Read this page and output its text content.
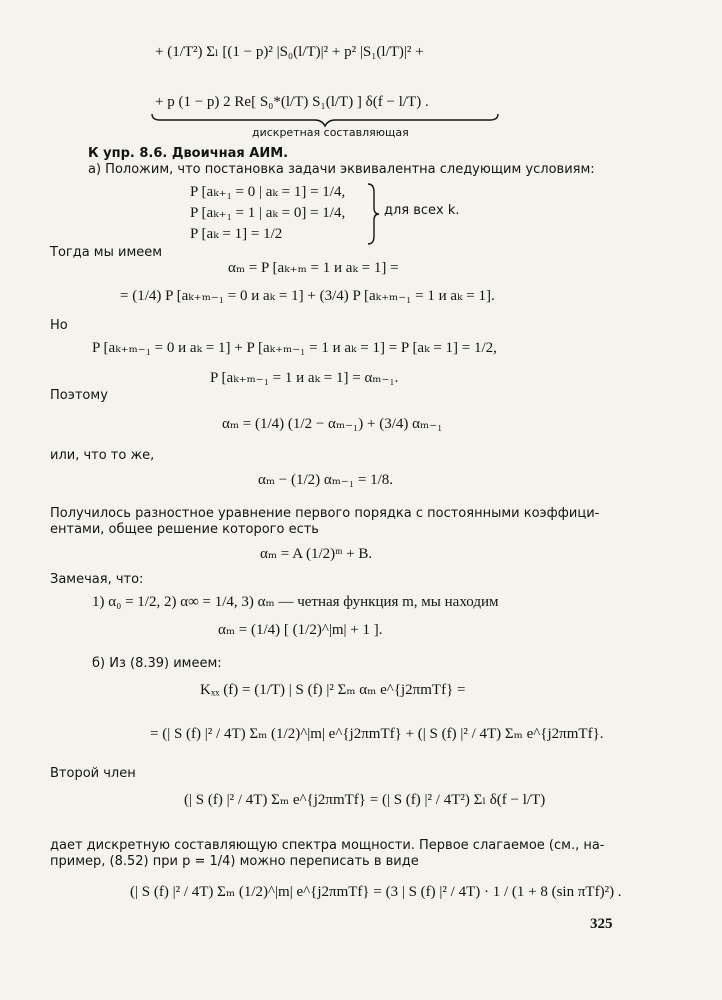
+ (1/T²) Σₗ [(1 − p)² |S₀(l/T)|² + p² |S₁(l/T)|² +
+ p (1 − p) 2 Re[ S₀*(l/T) S₁(l/T) ] δ(f − l/T) .
дискретная составляющая
К упр. 8.6. Двоичная АИМ.
а) Положим, что постановка задачи эквивалентна следующим условиям:
P [aₖ₊₁ = 0 | aₖ = 1] = 1/4,
P [aₖ₊₁ = 1 | aₖ = 0] = 1/4,
P [aₖ = 1] = 1/2
для всех k.
Тогда мы имеем
αₘ = P [aₖ₊ₘ = 1 и aₖ = 1] =
= (1/4) P [aₖ₊ₘ₋₁ = 0 и aₖ = 1] + (3/4) P [aₖ₊ₘ₋₁ = 1 и aₖ = 1].
Но
P [aₖ₊ₘ₋₁ = 0 и aₖ = 1] + P [aₖ₊ₘ₋₁ = 1 и aₖ = 1] = P [aₖ = 1] = 1/2,
P [aₖ₊ₘ₋₁ = 1 и aₖ = 1] = αₘ₋₁.
Поэтому
αₘ = (1/4) (1/2 − αₘ₋₁) + (3/4) αₘ₋₁
или, что то же,
αₘ − (1/2) αₘ₋₁ = 1/8.
Получилось разностное уравнение первого порядка с постоянными коэффици-
ентами, общее решение которого есть
αₘ = A (1/2)ᵐ + B.
Замечая, что:
1) α₀ = 1/2, 2) α∞ = 1/4, 3) αₘ — четная функция m, мы находим
αₘ = (1/4) [ (1/2)^|m| + 1 ].
б) Из (8.39) имеем:
Kₓₓ (f) = (1/T) | S (f) |² Σₘ αₘ e^{j2πmTf} =
= (| S (f) |² / 4T) Σₘ (1/2)^|m| e^{j2πmTf} + (| S (f) |² / 4T) Σₘ e^{j2πmTf}.
Второй член
(| S (f) |² / 4T) Σₘ e^{j2πmTf} = (| S (f) |² / 4T²) Σₗ δ(f − l/T)
дает дискретную составляющую спектра мощности. Первое слагаемое (см., на-
пример, (8.52) при p = 1/4) можно переписать в виде
(| S (f) |² / 4T) Σₘ (1/2)^|m| e^{j2πmTf} = (3 | S (f) |² / 4T) · 1 / (1 + 8 (sin πTf)²) .
325
